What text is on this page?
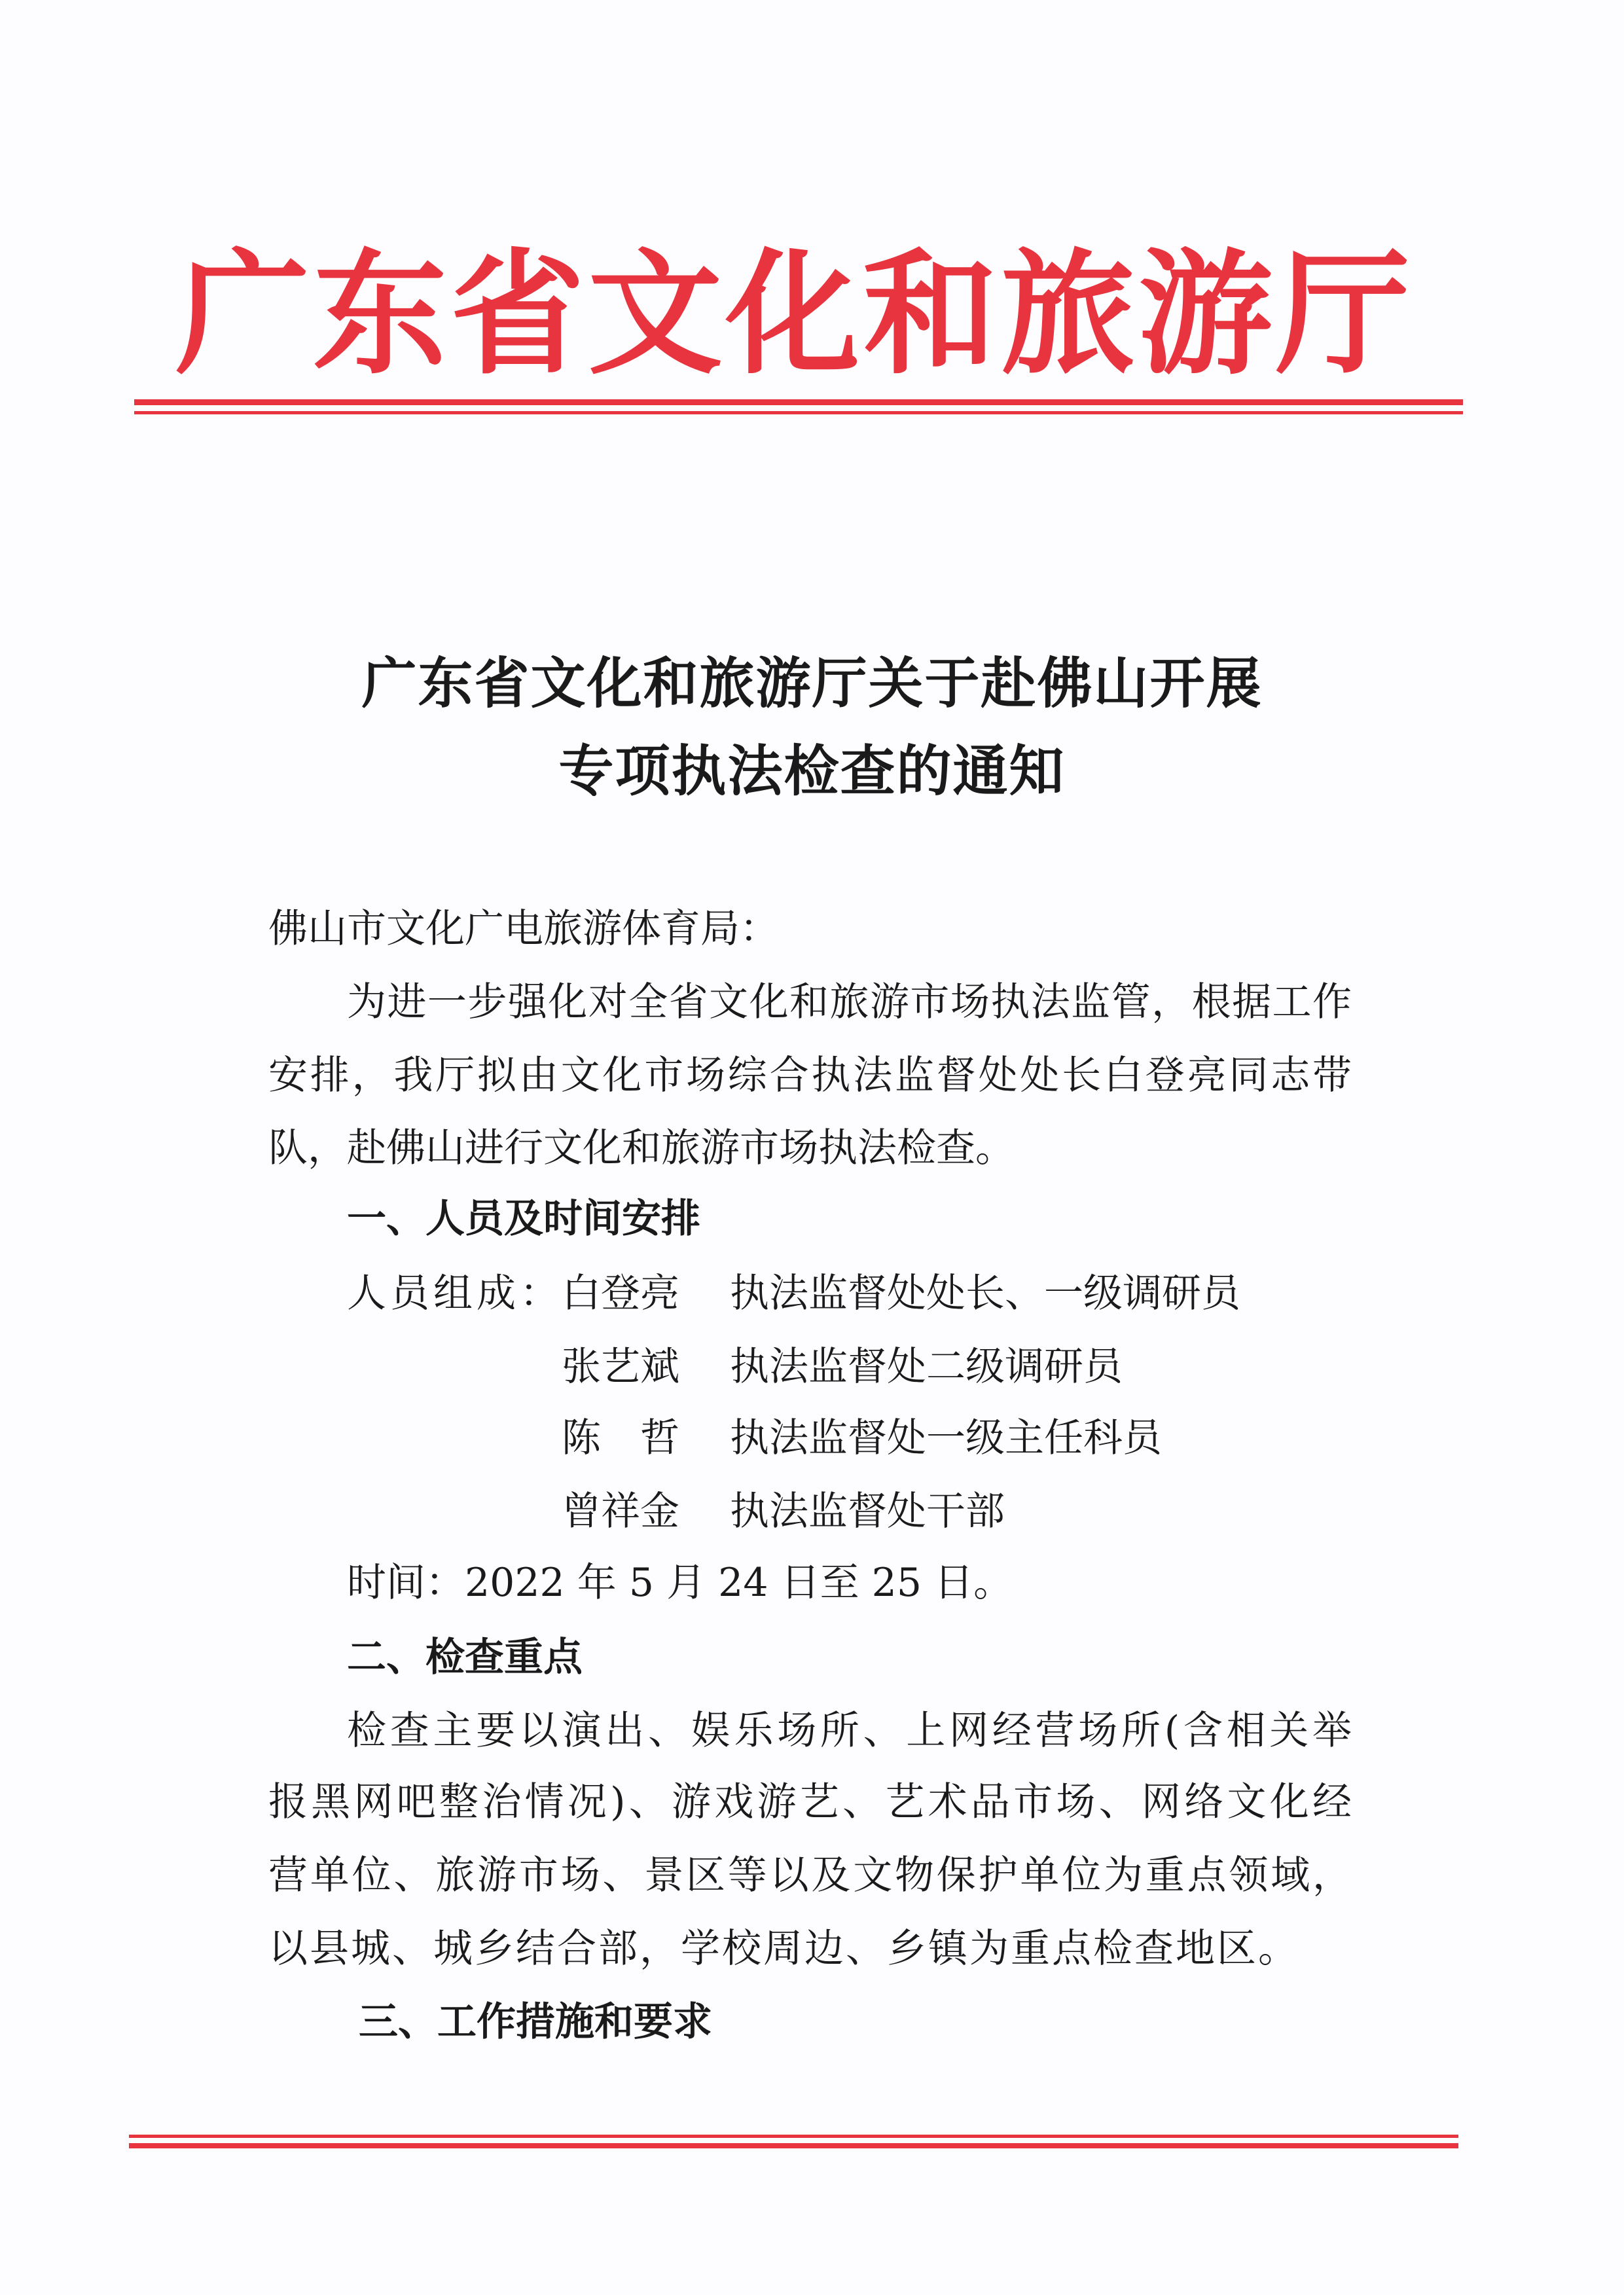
广东省文化和旅游厅
广东省文化和旅游厅关于赴佛山开展
专项执法检查的通知
佛山市文化广电旅游体育局：
为进一步强化对全省文化和旅游市场执法监管，根据工作
安排，我厅拟由文化市场综合执法监督处处长白登亮同志带
队，赴佛山进行文化和旅游市场执法检查。
一、人员及时间安排
人员组成：
白登亮 执法监督处处长、一级调研员
张艺斌 执法监督处二级调研员
陈　哲 执法监督处一级主任科员
曾祥金 执法监督处干部
时间：2022 年 5 月 24 日至 25 日。
二、检查重点
检查主要以演出、娱乐场所、上网经营场所(含相关举
报黑网吧整治情况)、游戏游艺、艺术品市场、网络文化经
营单位、旅游市场、景区等以及文物保护单位为重点领域，
以县城、城乡结合部，学校周边、乡镇为重点检查地区。
三、工作措施和要求
